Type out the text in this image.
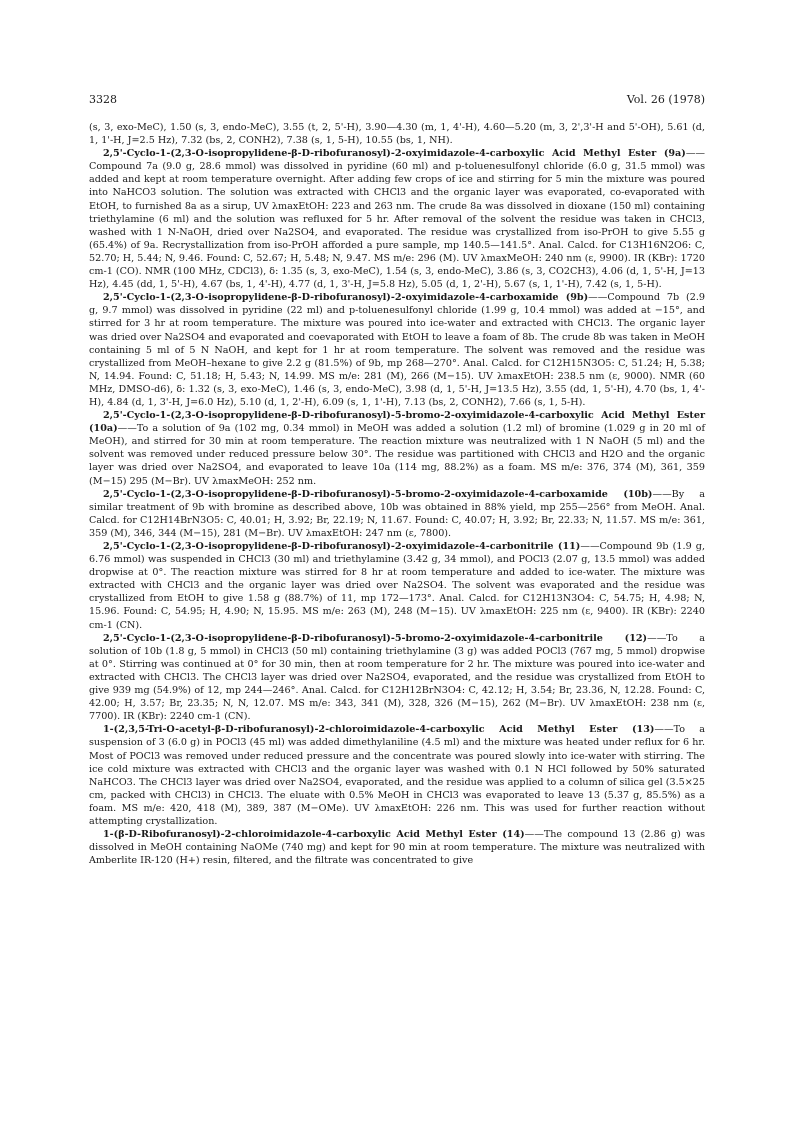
3328	Vol. 26 (1978)

(s, 3, exo-MeC), 1.50 (s, 3, endo-MeC), 3.55 (t, 2, 5'-H), 3.90—4.30 (m, 1, 4'-H), 4.60—5.20 (m, 3, 2',3'-H and 5'-OH), 5.61 (d, 1, 1'-H, J=2.5 Hz), 7.32 (bs, 2, CONH2), 7.38 (s, 1, 5-H), 10.55 (bs, 1, NH).

2,5'-Cyclo-1-(2,3-O-isopropylidene-β-D-ribofuranosyl)-2-oxyimidazole-4-carboxylic Acid Methyl Ester (9a)——Compound 7a (9.0 g, 28.6 mmol) was dissolved in pyridine (60 ml) and p-toluenesulfonyl chloride (6.0 g, 31.5 mmol) was added and kept at room temperature overnight. After adding few crops of ice and stirring for 5 min the mixture was poured into NaHCO3 solution. The solution was extracted with CHCl3 and the organic layer was evaporated, co-evaporated with EtOH, to furnished 8a as a sirup, UV λmaxEtOH: 223 and 263 nm. The crude 8a was dissolved in dioxane (150 ml) containing triethylamine (6 ml) and the solution was refluxed for 5 hr. After removal of the solvent the residue was taken in CHCl3, washed with 1 N-NaOH, dried over Na2SO4, and evaporated. The residue was crystallized from iso-PrOH to give 5.55 g (65.4%) of 9a. Recrystallization from iso-PrOH afforded a pure sample, mp 140.5—141.5°. Anal. Calcd. for C13H16N2O6: C, 52.70; H, 5.44; N, 9.46. Found: C, 52.67; H, 5.48; N, 9.47. MS m/e: 296 (M). UV λmaxMeOH: 240 nm (ε, 9900). IR (KBr): 1720 cm-1 (CO). NMR (100 MHz, CDCl3), δ: 1.35 (s, 3, exo-MeC), 1.54 (s, 3, endo-MeC), 3.86 (s, 3, CO2CH3), 4.06 (d, 1, 5'-H, J=13 Hz), 4.45 (dd, 1, 5'-H), 4.67 (bs, 1, 4'-H), 4.77 (d, 1, 3'-H, J=5.8 Hz), 5.05 (d, 1, 2'-H), 5.67 (s, 1, 1'-H), 7.42 (s, 1, 5-H).

2,5'-Cyclo-1-(2,3-O-isopropylidene-β-D-ribofuranosyl)-2-oxyimidazole-4-carboxamide (9b)——Compound 7b (2.9 g, 9.7 mmol) was dissolved in pyridine (22 ml) and p-toluenesulfonyl chloride (1.99 g, 10.4 mmol) was added at −15°, and stirred for 3 hr at room temperature. The mixture was poured into ice-water and extracted with CHCl3. The organic layer was dried over Na2SO4 and evaporated and coevaporated with EtOH to leave a foam of 8b. The crude 8b was taken in MeOH containing 5 ml of 5 N NaOH, and kept for 1 hr at room temperature. The solvent was removed and the residue was crystallized from MeOH–hexane to give 2.2 g (81.5%) of 9b, mp 268—270°. Anal. Calcd. for C12H15N3O5: C, 51.24; H, 5.38; N, 14.94. Found: C, 51.18; H, 5.43; N, 14.99. MS m/e: 281 (M), 266 (M−15). UV λmaxEtOH: 238.5 nm (ε, 9000). NMR (60 MHz, DMSO-d6), δ: 1.32 (s, 3, exo-MeC), 1.46 (s, 3, endo-MeC), 3.98 (d, 1, 5'-H, J=13.5 Hz), 3.55 (dd, 1, 5'-H), 4.70 (bs, 1, 4'-H), 4.84 (d, 1, 3'-H, J=6.0 Hz), 5.10 (d, 1, 2'-H), 6.09 (s, 1, 1'-H), 7.13 (bs, 2, CONH2), 7.66 (s, 1, 5-H).

2,5'-Cyclo-1-(2,3-O-isopropylidene-β-D-ribofuranosyl)-5-bromo-2-oxyimidazole-4-carboxylic Acid Methyl Ester (10a)——To a solution of 9a (102 mg, 0.34 mmol) in MeOH was added a solution (1.2 ml) of bromine (1.029 g in 20 ml of MeOH), and stirred for 30 min at room temperature. The reaction mixture was neutralized with 1 N NaOH (5 ml) and the solvent was removed under reduced pressure below 30°. The residue was partitioned with CHCl3 and H2O and the organic layer was dried over Na2SO4, and evaporated to leave 10a (114 mg, 88.2%) as a foam. MS m/e: 376, 374 (M), 361, 359 (M−15) 295 (M−Br). UV λmaxMeOH: 252 nm.

2,5'-Cyclo-1-(2,3-O-isopropylidene-β-D-ribofuranosyl)-5-bromo-2-oxyimidazole-4-carboxamide (10b)——By a similar treatment of 9b with bromine as described above, 10b was obtained in 88% yield, mp 255—256° from MeOH. Anal. Calcd. for C12H14BrN3O5: C, 40.01; H, 3.92; Br, 22.19; N, 11.67. Found: C, 40.07; H, 3.92; Br, 22.33; N, 11.57. MS m/e: 361, 359 (M), 346, 344 (M−15), 281 (M−Br). UV λmaxEtOH: 247 nm (ε, 7800).

2,5'-Cyclo-1-(2,3-O-isopropylidene-β-D-ribofuranosyl)-2-oxyimidazole-4-carbonitrile (11)——Compound 9b (1.9 g, 6.76 mmol) was suspended in CHCl3 (30 ml) and triethylamine (3.42 g, 34 mmol), and POCl3 (2.07 g, 13.5 mmol) was added dropwise at 0°. The reaction mixture was stirred for 8 hr at room temperature and added to ice-water. The mixture was extracted with CHCl3 and the organic layer was dried over Na2SO4. The solvent was evaporated and the residue was crystallized from EtOH to give 1.58 g (88.7%) of 11, mp 172—173°. Anal. Calcd. for C12H13N3O4: C, 54.75; H, 4.98; N, 15.96. Found: C, 54.95; H, 4.90; N, 15.95. MS m/e: 263 (M), 248 (M−15). UV λmaxEtOH: 225 nm (ε, 9400). IR (KBr): 2240 cm-1 (CN).

2,5'-Cyclo-1-(2,3-O-isopropylidene-β-D-ribofuranosyl)-5-bromo-2-oxyimidazole-4-carbonitrile (12)——To a solution of 10b (1.8 g, 5 mmol) in CHCl3 (50 ml) containing triethylamine (3 g) was added POCl3 (767 mg, 5 mmol) dropwise at 0°. Stirring was continued at 0° for 30 min, then at room temperature for 2 hr. The mixture was poured into ice-water and extracted with CHCl3. The CHCl3 layer was dried over Na2SO4, evaporated, and the residue was crystallized from EtOH to give 939 mg (54.9%) of 12, mp 244—246°. Anal. Calcd. for C12H12BrN3O4: C, 42.12; H, 3.54; Br, 23.36, N, 12.28. Found: C, 42.00; H, 3.57; Br, 23.35; N, N, 12.07. MS m/e: 343, 341 (M), 328, 326 (M−15), 262 (M−Br). UV λmaxEtOH: 238 nm (ε, 7700). IR (KBr): 2240 cm-1 (CN).

1-(2,3,5-Tri-O-acetyl-β-D-ribofuranosyl)-2-chloroimidazole-4-carboxylic Acid Methyl Ester (13)——To a suspension of 3 (6.0 g) in POCl3 (45 ml) was added dimethylaniline (4.5 ml) and the mixture was heated under reflux for 6 hr. Most of POCl3 was removed under reduced pressure and the concentrate was poured slowly into ice-water with stirring. The ice cold mixture was extracted with CHCl3 and the organic layer was washed with 0.1 N HCl followed by 50% saturated NaHCO3. The CHCl3 layer was dried over Na2SO4, evaporated, and the residue was applied to a column of silica gel (3.5×25 cm, packed with CHCl3) in CHCl3. The eluate with 0.5% MeOH in CHCl3 was evaporated to leave 13 (5.37 g, 85.5%) as a foam. MS m/e: 420, 418 (M), 389, 387 (M−OMe). UV λmaxEtOH: 226 nm. This was used for further reaction without attempting crystallization.

1-(β-D-Ribofuranosyl)-2-chloroimidazole-4-carboxylic Acid Methyl Ester (14)——The compound 13 (2.86 g) was dissolved in MeOH containing NaOMe (740 mg) and kept for 90 min at room temperature. The mixture was neutralized with Amberlite IR-120 (H+) resin, filtered, and the filtrate was concentrated to give
